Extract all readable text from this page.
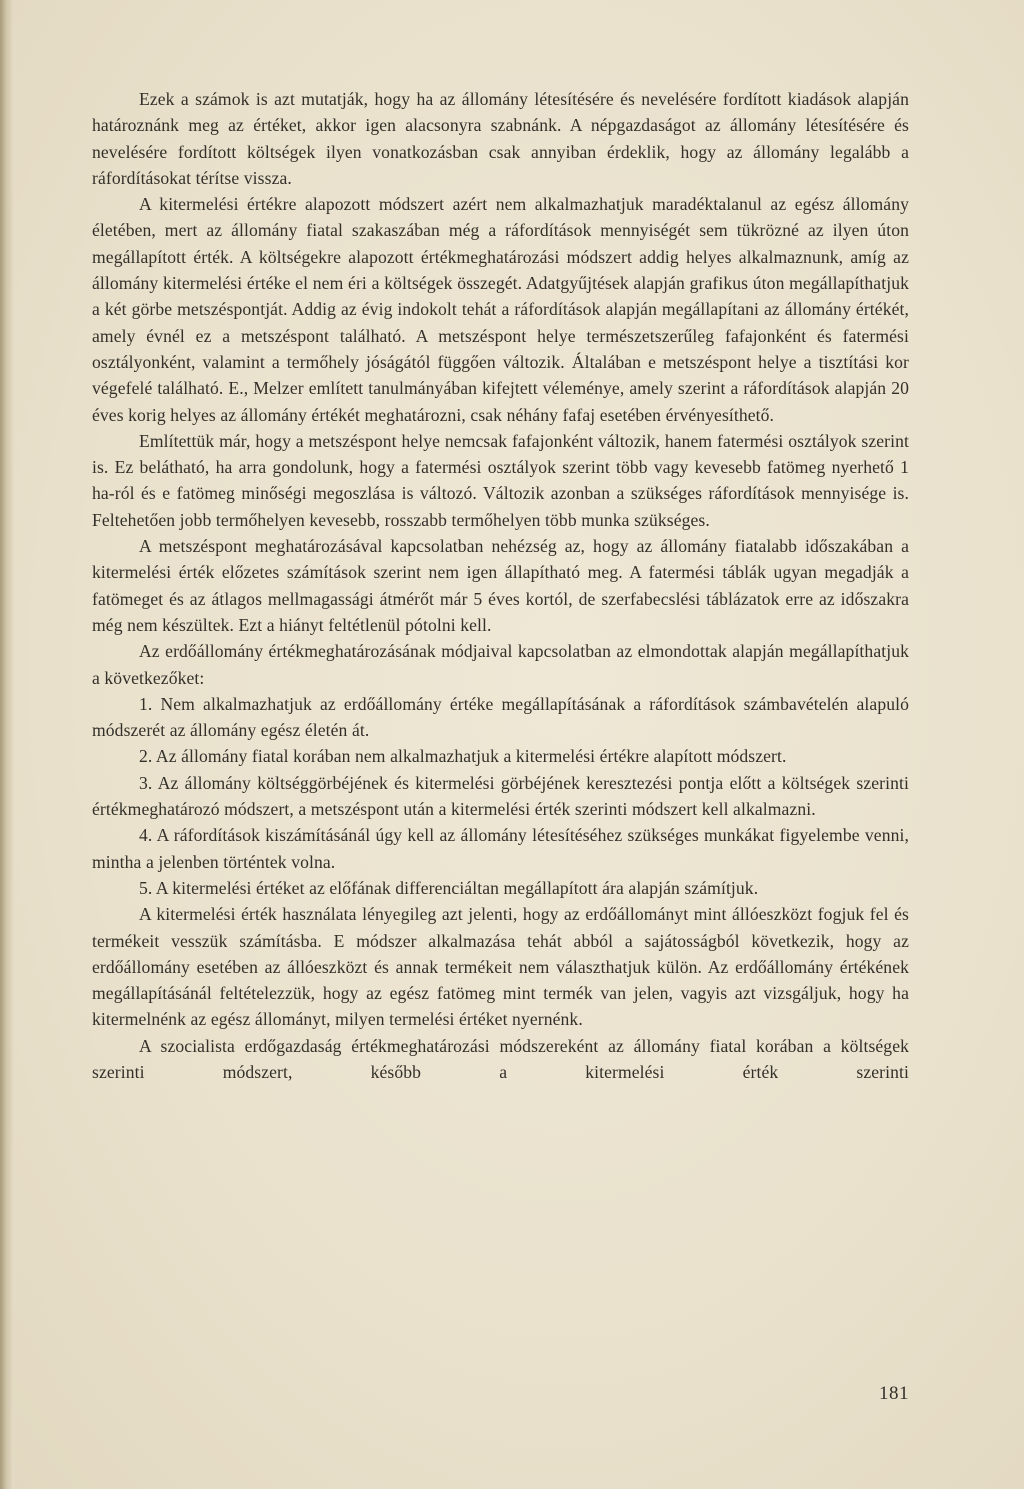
Ezek a számok is azt mutatják, hogy ha az állomány létesítésére és nevelésére fordított kiadások alapján határoznánk meg az értéket, akkor igen alacsonyra szabnánk. A népgazdaságot az állomány létesítésére és nevelésére fordított költségek ilyen vonatkozásban csak annyiban érdeklik, hogy az állomány legalább a ráfordításokat térítse vissza.

A kitermelési értékre alapozott módszert azért nem alkalmazhatjuk maradéktalanul az egész állomány életében, mert az állomány fiatal szakaszában még a ráfordítások mennyiségét sem tükrözné az ilyen úton megállapított érték. A költségekre alapozott értékmeghatározási módszert addig helyes alkalmaznunk, amíg az állomány kitermelési értéke el nem éri a költségek összegét. Adatgyűjtések alapján grafikus úton megállapíthatjuk a két görbe metszéspontját. Addig az évig indokolt tehát a ráfordítások alapján megállapítani az állomány értékét, amely évnél ez a metszéspont található. A metszéspont helye természetszerűleg fafajonként és fatermési osztályonként, valamint a termőhely jóságától függően változik. Általában e metszéspont helye a tisztítási kor végefelé található. E., Melzer említett tanulmányában kifejtett véleménye, amely szerint a ráfordítások alapján 20 éves korig helyes az állomány értékét meghatározni, csak néhány fafaj esetében érvényesíthető.

Említettük már, hogy a metszéspont helye nemcsak fafajonként változik, hanem fatermési osztályok szerint is. Ez belátható, ha arra gondolunk, hogy a fatermési osztályok szerint több vagy kevesebb fatömeg nyerhető 1 ha-ról és e fatömeg minőségi megoszlása is változó. Változik azonban a szükséges ráfordítások mennyisége is. Feltehetően jobb termőhelyen kevesebb, rosszabb termőhelyen több munka szükséges.

A metszéspont meghatározásával kapcsolatban nehézség az, hogy az állomány fiatalabb időszakában a kitermelési érték előzetes számítások szerint nem igen állapítható meg. A fatermési táblák ugyan megadják a fatömeget és az átlagos mellmagassági átmérőt már 5 éves kortól, de szerfabecslési táblázatok erre az időszakra még nem készültek. Ezt a hiányt feltétlenül pótolni kell.

Az erdőállomány értékmeghatározásának módjaival kapcsolatban az elmondottak alapján megállapíthatjuk a következőket:

1. Nem alkalmazhatjuk az erdőállomány értéke megállapításának a ráfordítások számbavételén alapuló módszerét az állomány egész életén át.

2. Az állomány fiatal korában nem alkalmazhatjuk a kitermelési értékre alapított módszert.

3. Az állomány költséggörbéjének és kitermelési görbéjének keresztezési pontja előtt a költségek szerinti értékmeghatározó módszert, a metszéspont után a kitermelési érték szerinti módszert kell alkalmazni.

4. A ráfordítások kiszámításánál úgy kell az állomány létesítéséhez szükséges munkákat figyelembe venni, mintha a jelenben történtek volna.

5. A kitermelési értéket az előfának differenciáltan megállapított ára alapján számítjuk.

A kitermelési érték használata lényegileg azt jelenti, hogy az erdőállományt mint állóeszközt fogjuk fel és termékeit vesszük számításba. E módszer alkalmazása tehát abból a sajátosságból következik, hogy az erdőállomány esetében az állóeszközt és annak termékeit nem választhatjuk külön. Az erdőállomány értékének megállapításánál feltételezzük, hogy az egész fatömeg mint termék van jelen, vagyis azt vizsgáljuk, hogy ha kitermelnénk az egész állományt, milyen termelési értéket nyernénk.

A szocialista erdőgazdaság értékmeghatározási módszereként az állomány fiatal korában a költségek szerinti módszert, később a kitermelési érték szerinti

181
